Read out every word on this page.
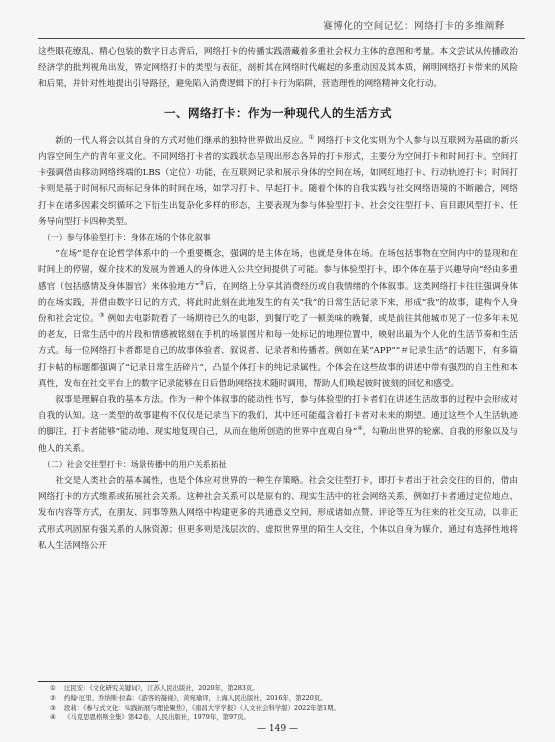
赛博化的空间记忆：网络打卡的多维阐释

这些眼花缭乱、精心包装的数字日志背后，网络打卡的传播实践潜藏着多重社会权力主体的意图和考量。本文尝试从传播政治经济学的批判视角出发，界定网络打卡的类型与表征，剖析其在网络时代崛起的多重动因及其本质，阐明网络打卡带来的风险和后果，并针对性地提出引导路径，避免陷入消费逻辑下的打卡行为陷阱，营造理性的网络精神文化行动。

一、网络打卡：作为一种现代人的生活方式

新的一代人将会以其自身的方式对他们继承的独特世界做出反应。① 网络打卡文化实则为个人参与以互联网为基础的新兴内容空间生产的青年亚文化。不同网络打卡者的实践状态呈现出形态各异的打卡形式，主要分为空间打卡和时间打卡。空间打卡强调借由移动网络终端的LBS（定位）功能，在互联网记录和展示身体的空间在场，如网红地打卡、行动轨迹打卡；时间打卡则是基于时间标尺而标记身体的时间在场，如学习打卡、早起打卡。随着个体的自我实践与社交网络语境的不断融合，网络打卡在诸多因素交织循环之下衍生出复杂化多样的形态，主要表现为参与体验型打卡、社会交往型打卡、盲目跟风型打卡、任务导向型打卡四种类型。

（一）参与体验型打卡：身体在场的个体化叙事

“在场”是存在论哲学体系中的一个重要概念，强调的是主体在场，也就是身体在场。在场包括事物在空间内中的显现和在时间上的停留，媒介技术的发展为普通人的身体进入公共空间提供了可能。参与体验型打卡，即个体在基于兴趣导向“经由多重感官（包括感情及身体器官）来体验地方”②后，在网络上分享其消费经历或自我情绪的个体叙事。这类网络打卡往往强调身体的在场实践，并借由数字日记的方式，将此时此刻在此地发生的有关“我”的日常生活记录下来，形成“我”的故事，建构个人身份和社会定位。③ 例如去电影院看了一场期待已久的电影，到餐厅吃了一顿美味的晚餐，或是前往其他城市见了一位多年未见的老友，日常生活中的片段和情感被铭刻在手机的场景图片和每一处标记的地理位置中，映射出最为个人化的生活节奏和生活方式。每一位网络打卡者都是自己的故事体验者、叙说者、记录者和传播者。例如在某“APP”“＃记录生活”的话题下，有多篇打卡帖的标题都强调了“记录日常生活碎片”，凸显个体打卡的纯记录属性。个体会在这些故事的讲述中带有强烈的自主性和本真性，发布在社交平台上的数字记录能够在日后借助网络技术随时调用，帮助人们唤起彼时彼刻的回忆和感受。

叙事是理解自我的基本方法。作为一种个体叙事的能动性书写，参与体验型的打卡者们在讲述生活故事的过程中会形成对自我的认知。这一类型的故事建构不仅仅是记录当下的我们，其中还可能蕴含着打卡者对未来的期望。通过这些个人生活轨迹的脚注，打卡者能够“能动地、现实地复现自己，从而在他所创造的世界中直观自身”④，勾勒出世界的轮廓、自我的形象以及与他人的关系。

（二）社会交往型打卡：场景传播中的用户关系拓扯

社交是人类社会的基本属性，也是个体应对世界的一种生存策略。社会交往型打卡，即打卡者出于社会交往的目的，借由网络打卡的方式维系或拓展社会关系。这种社会关系可以是原有的、现实生活中的社会网络关系，例如打卡者通过定位地点、发布内容等方式，在朋友、同事等熟人网络中构建更多的共通意义空间，形成诸如点赞、评论等互为往来的社交互动，以非正式形式巩固原有强关系的人脉资源；但更多则是浅层次的、虚拟世界里的陌生人交往，个体以自身为媒介，通过有选择性地将私人生活网络公开

① 汪民安：《文化研究关键词》，江苏人民出版社，2020年，第283页。
② 约翰·厄里、乔纳斯·拉森：《游客的凝视》，黄宛瑜译，上海人民出版社，2016年，第220页。
③ 段莉：《参与式文化：实践拓展与理论聚焦》，《南昌大学学报》（人文社会科学版）2022年第1期。
④ 《马克思恩格斯全集》第42卷，人民出版社，1979年，第97页。
— 149 —
